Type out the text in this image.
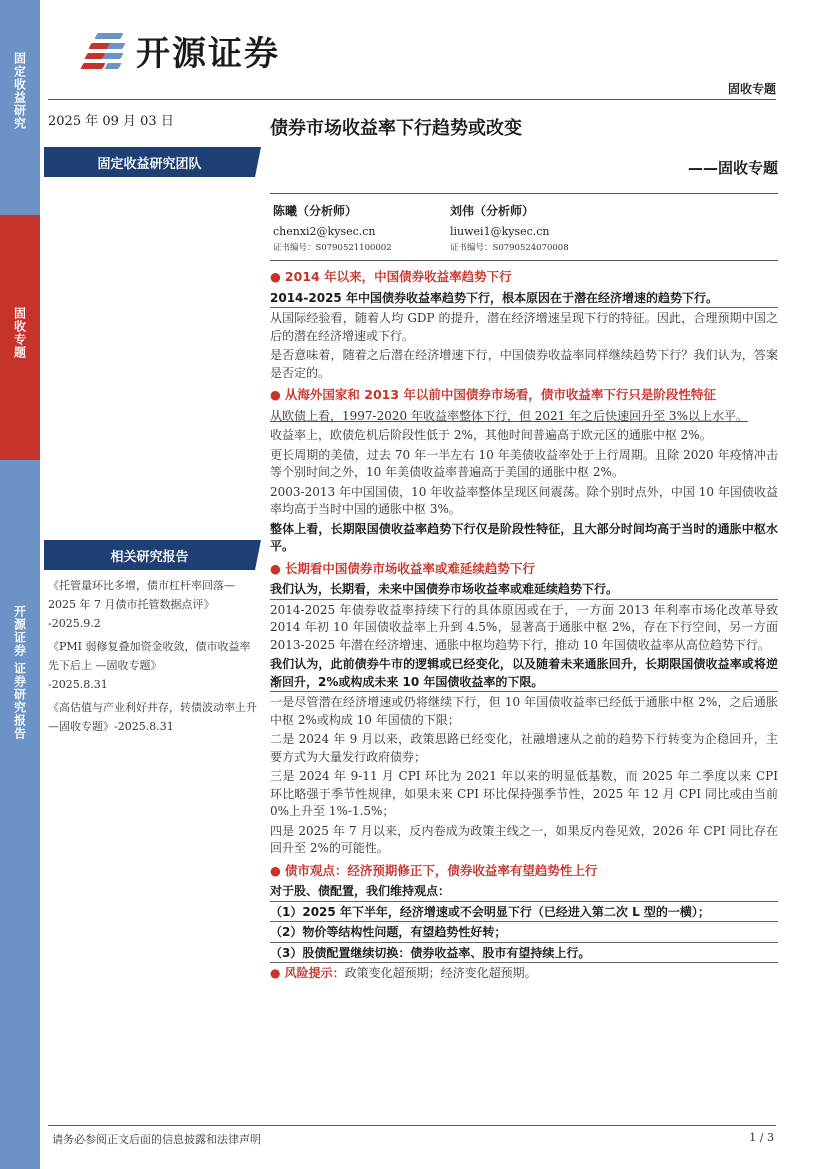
固定收益研究
固收专题
开源证券 证券研究报告
开源证券
固收专题
2025 年 09 月 03 日
固定收益研究团队
相关研究报告
《托管量环比多增，债市杠杆率回落—2025 年 7 月债市托管数据点评》
-2025.9.2
《PMI 弱修复叠加资金收敛，债市收益率先下后上 —固收专题》
-2025.8.31
《高估值与产业利好并存，转债波动率上升—固收专题》-2025.8.31
债券市场收益率下行趋势或改变
——固收专题
陈曦（分析师）
chenxi2@kysec.cn
证书编号：S0790521100002
刘伟（分析师）
liuwei1@kysec.cn
证书编号：S0790524070008
● 2014 年以来，中国债券收益率趋势下行
2014-2025 年中国债券收益率趋势下行，根本原因在于潜在经济增速的趋势下行。
从国际经验看，随着人均 GDP 的提升，潜在经济增速呈现下行的特征。因此，合理预期中国之后的潜在经济增速或下行。
是否意味着，随着之后潜在经济增速下行，中国债券收益率同样继续趋势下行？我们认为，答案是否定的。
● 从海外国家和 2013 年以前中国债券市场看，债市收益率下行只是阶段性特征
从欧债上看，1997-2020 年收益率整体下行，但 2021 年之后快速回升至 3%以上水平。
收益率上，欧债危机后阶段性低于 2%，其他时间普遍高于欧元区的通胀中枢 2%。
更长周期的美债，过去 70 年一半左右 10 年美债收益率处于上行周期。且除 2020 年疫情冲击等个别时间之外，10 年美债收益率普遍高于美国的通胀中枢 2%。
2003-2013 年中国国债，10 年收益率整体呈现区间震荡。除个别时点外，中国 10 年国债收益率均高于当时中国的通胀中枢 3%。
整体上看，长期限国债收益率趋势下行仅是阶段性特征，且大部分时间均高于当时的通胀中枢水平。
● 长期看中国债券市场收益率或难延续趋势下行
我们认为，长期看，未来中国债券市场收益率或难延续趋势下行。
2014-2025 年债券收益率持续下行的具体原因或在于，一方面 2013 年利率市场化改革导致 2014 年初 10 年国债收益率上升到 4.5%，显著高于通胀中枢 2%，存在下行空间，另一方面 2013-2025 年潜在经济增速、通胀中枢均趋势下行，推动 10 年国债收益率从高位趋势下行。
我们认为，此前债券牛市的逻辑或已经变化，以及随着未来通胀回升，长期限国债收益率或将逆渐回升，2%或构成未来 10 年国债收益率的下限。
一是尽管潜在经济增速或仍将继续下行，但 10 年国债收益率已经低于通胀中枢 2%，之后通胀中枢 2%或构成 10 年国债的下限；
二是 2024 年 9 月以来，政策思路已经变化，社融增速从之前的趋势下行转变为企稳回升，主要方式为大量发行政府债券；
三是 2024 年 9-11 月 CPI 环比为 2021 年以来的明显低基数，而 2025 年二季度以来 CPI 环比略强于季节性规律，如果未来 CPI 环比保持强季节性，2025 年 12 月 CPI 同比或由当前 0%上升至 1%-1.5%；
四是 2025 年 7 月以来，反内卷成为政策主线之一，如果反内卷见效，2026 年 CPI 同比存在回升至 2%的可能性。
● 债市观点：经济预期修正下，债券收益率有望趋势性上行
对于股、债配置，我们维持观点：
（1）2025 年下半年，经济增速或不会明显下行（已经进入第二次 L 型的一横）；
（2）物价等结构性问题，有望趋势性好转；
（3）股债配置继续切换：债券收益率、股市有望持续上行。
● 风险提示：政策变化超预期；经济变化超预期。
请务必参阅正文后面的信息披露和法律声明	1 / 3
